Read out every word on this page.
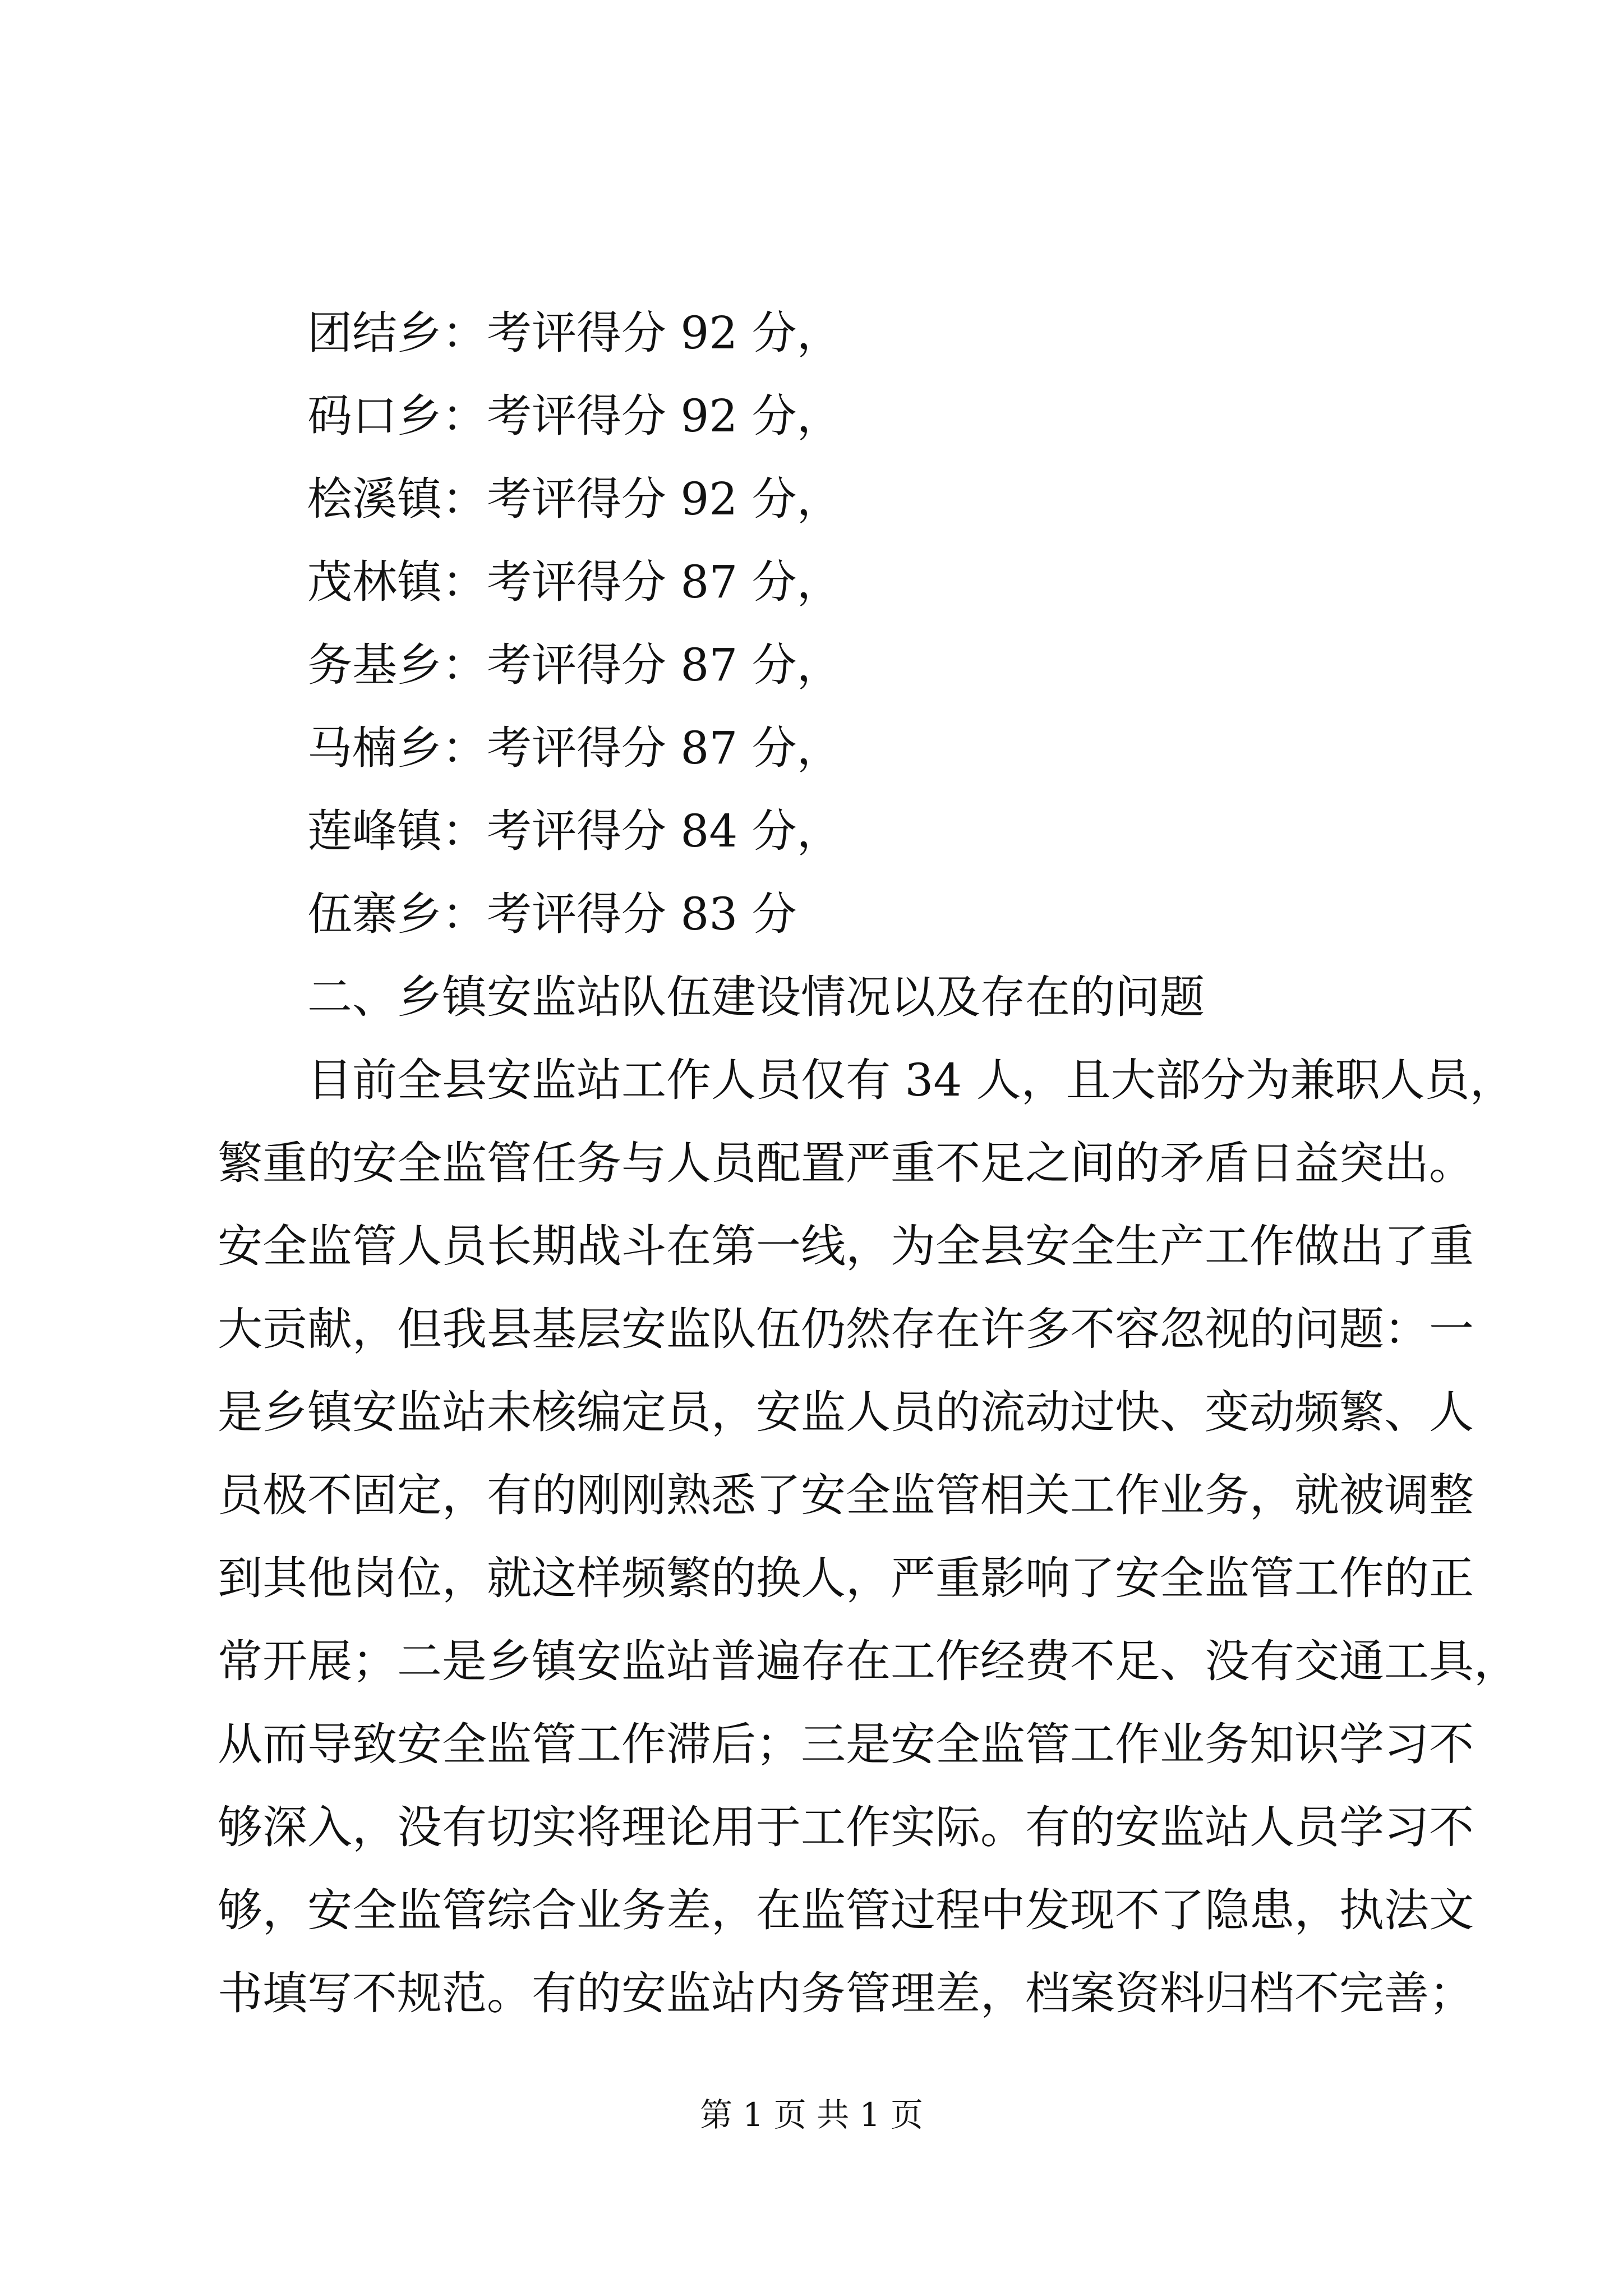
团结乡：考评得分 92 分，
码口乡：考评得分 92 分，
桧溪镇：考评得分 92 分，
茂林镇：考评得分 87 分，
务基乡：考评得分 87 分，
马楠乡：考评得分 87 分，
莲峰镇：考评得分 84 分，
伍寨乡：考评得分 83 分
二、乡镇安监站队伍建设情况以及存在的问题
目前全县安监站工作人员仅有 34 人，且大部分为兼职人员，
繁重的安全监管任务与人员配置严重不足之间的矛盾日益突出。
安全监管人员长期战斗在第一线，为全县安全生产工作做出了重
大贡献，但我县基层安监队伍仍然存在许多不容忽视的问题：一
是乡镇安监站未核编定员，安监人员的流动过快、变动频繁、人
员极不固定，有的刚刚熟悉了安全监管相关工作业务，就被调整
到其他岗位，就这样频繁的换人，严重影响了安全监管工作的正
常开展；二是乡镇安监站普遍存在工作经费不足、没有交通工具，
从而导致安全监管工作滞后；三是安全监管工作业务知识学习不
够深入，没有切实将理论用于工作实际。有的安监站人员学习不
够，安全监管综合业务差，在监管过程中发现不了隐患，执法文
书填写不规范。有的安监站内务管理差，档案资料归档不完善；
第 1 页 共 1 页
